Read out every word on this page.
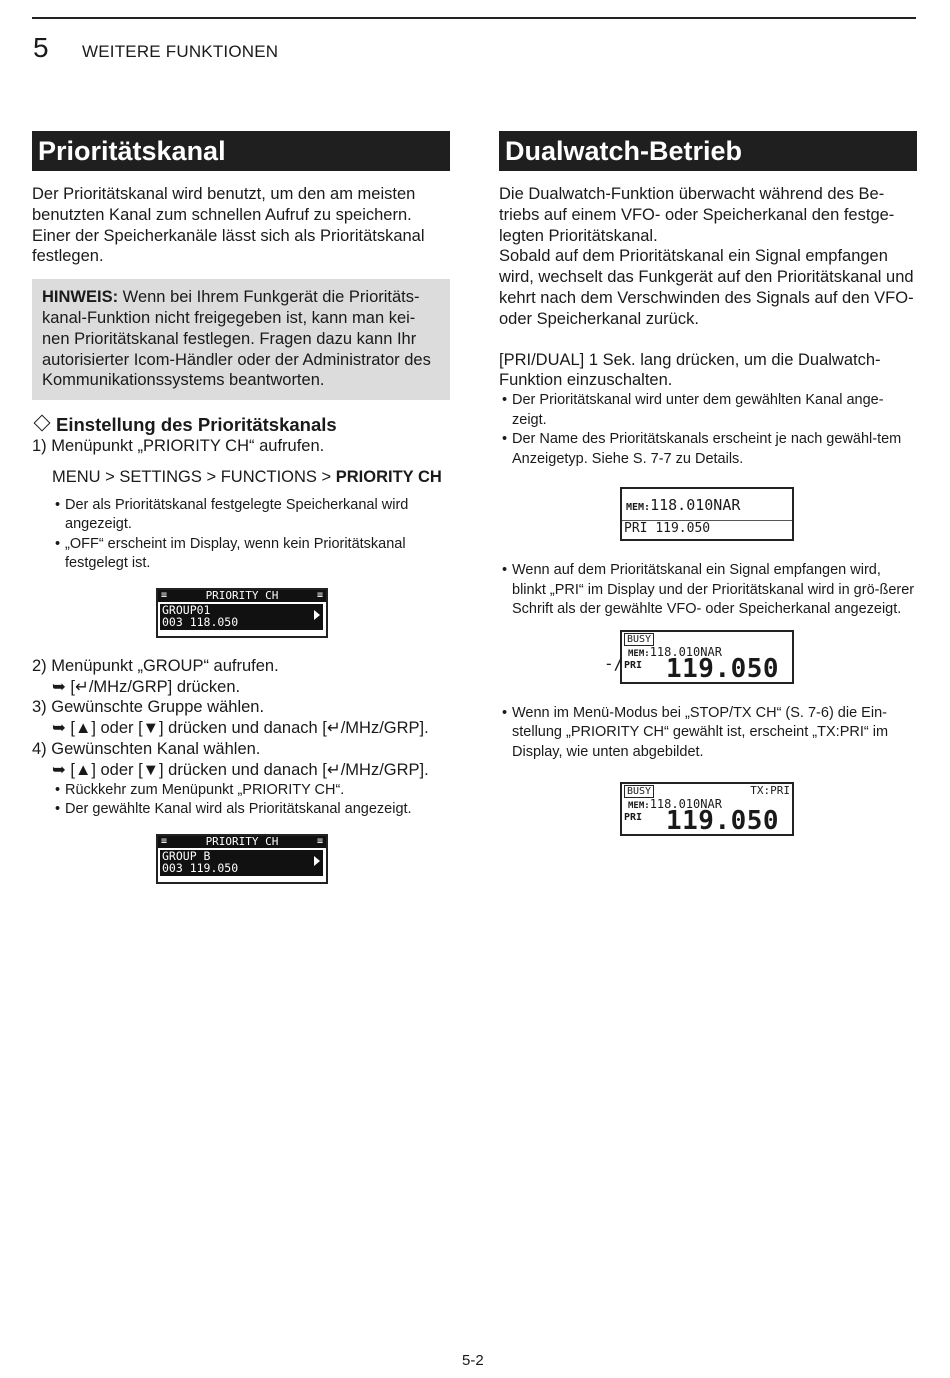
5 WEITERE FUNKTIONEN
Prioritätskanal

Der Prioritätskanal wird benutzt, um den am meisten benutzten Kanal zum schnellen Aufruf zu speichern. Einer der Speicherkanäle lässt sich als Prioritätskanal festlegen.

HINWEIS: Wenn bei Ihrem Funkgerät die Prioritäts-kanal-Funktion nicht freigegeben ist, kann man kei-nen Prioritätskanal festlegen. Fragen dazu kann Ihr autorisierter Icom-Händler oder der Administrator des Kommunikationssystems beantworten.
Einstellung des Prioritätskanals
1) Menüpunkt „PRIORITY CH“ aufrufen.
MENU > SETTINGS > FUNCTIONS > PRIORITY CH
• Der als Prioritätskanal festgelegte Speicherkanal wird angezeigt.
• „OFF“ erscheint im Display, wenn kein Prioritätskanal festgelegt ist.
≡	PRIORITY CH	≡
GROUP01
003 118.050
2) Menüpunkt „GROUP“ aufrufen.
➥ [↵/MHz/GRP] drücken.
3) Gewünschte Gruppe wählen.
➥ [▲] oder [▼] drücken und danach [↵/MHz/GRP].
4) Gewünschten Kanal wählen.
➥ [▲] oder [▼] drücken und danach [↵/MHz/GRP].
• Rückkehr zum Menüpunkt „PRIORITY CH“.
• Der gewählte Kanal wird als Prioritätskanal angezeigt.
≡	PRIORITY CH	≡
GROUP B
003 119.050
Dualwatch-Betrieb

Die Dualwatch-Funktion überwacht während des Be-triebs auf einem VFO- oder Speicherkanal den festge-legten Prioritätskanal.

Sobald auf dem Prioritätskanal ein Signal empfangen wird, wechselt das Funkgerät auf den Prioritätskanal und kehrt nach dem Verschwinden des Signals auf den VFO- oder Speicherkanal zurück.

[PRI/DUAL] 1 Sek. lang drücken, um die Dualwatch-Funktion einzuschalten.

• Der Prioritätskanal wird unter dem gewählten Kanal ange-zeigt.
• Der Name des Prioritätskanals erscheint je nach gewähl-tem Anzeigetyp. Siehe S. 7-7 zu Details.
MEM:118.010NAR
PRI 119.050
• Wenn auf dem Prioritätskanal ein Signal empfangen wird, blinkt „PRI“ im Display und der Prioritätskanal wird in grö-ßerer Schrift als der gewählte VFO- oder Speicherkanal angezeigt.
BUSY
MEM:118.010NAR
-/ PRI 119.050
• Wenn im Menü-Modus bei „STOP/TX CH“ (S. 7-6) die Ein-stellung „PRIORITY CH“ gewählt ist, erscheint „TX:PRI“ im Display, wie unten abgebildet.
BUSY	TX:PRI
MEM:118.010NAR
PRI 119.050
5-2
